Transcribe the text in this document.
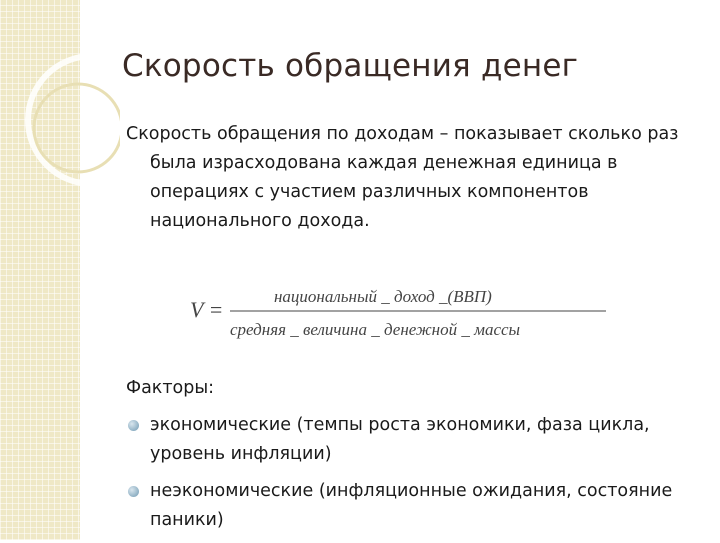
Скорость обращения денег

Скорость обращения по доходам – показывает сколько раз была израсходована каждая денежная единица в операциях с участием различных компонентов национального дохода.

V =
национальный _ доход _(ВВП)
средняя _ величина _ денежной _ массы

Факторы:

экономические (темпы роста экономики, фаза цикла, уровень инфляции)
неэкономические (инфляционные ожидания, состояние паники)
